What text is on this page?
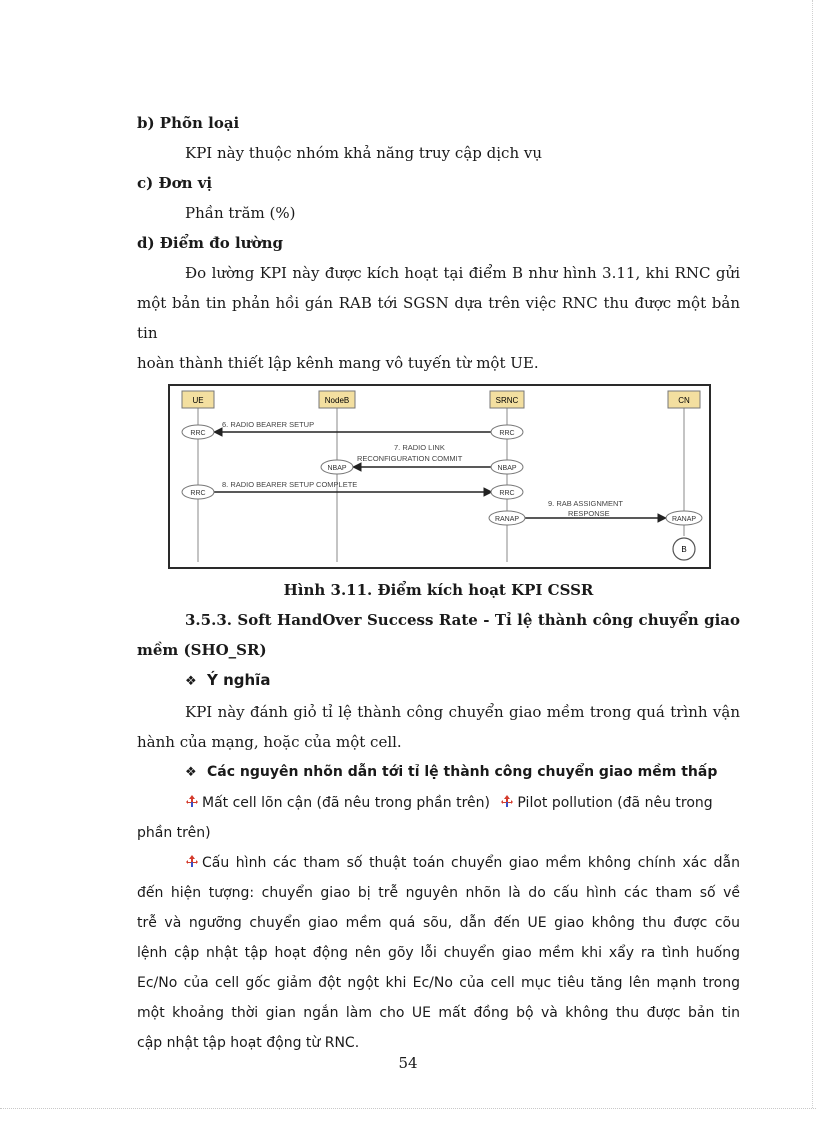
b) Phõn loại
KPI này thuộc nhóm khả năng truy cập dịch vụ
c) Đơn vị
Phần trăm (%)
d) Điểm đo lường
Đo lường KPI này được kích hoạt tại điểm B như hình 3.11, khi RNC gửi
một bản tin phản hồi gán RAB tới SGSN dựa trên việc RNC thu được một bản tin
hoàn thành thiết lập kênh mang vô tuyến từ một UE.
UE	NodeB	SRNC	CN
6. RADIO BEARER SETUP
7. RADIO LINK
RECONFIGURATION COMMIT
8. RADIO BEARER SETUP COMPLETE
9. RAB ASSIGNMENT
RESPONSE
RRC	RRC
NBAP	NBAP
RRC	RRC
RANAP	RANAP
B
Hình 3.11. Điểm kích hoạt KPI CSSR
3.5.3. Soft HandOver Success Rate - Tỉ lệ thành công chuyển giao
mềm (SHO_SR)
❖ Ý nghĩa
KPI này đánh giỏ tỉ lệ thành công chuyển giao mềm trong quá trình vận
hành của mạng, hoặc của một cell.
❖ Các nguyên nhõn dẫn tới tỉ lệ thành công chuyển giao mềm thấp
Mất cell lõn cận (đã nêu trong phần trên) Pilot pollution (đã nêu trong
phần trên)
Cấu hình các tham số thuật toán chuyển giao mềm không chính xác dẫn
đến hiện tượng: chuyển giao bị trễ nguyên nhõn là do cấu hình các tham số về
trễ và ngưỡng chuyển giao mềm quá sõu, dẫn đến UE giao không thu được cõu
lệnh cập nhật tập hoạt động nên gõy lỗi chuyển giao mềm khi xẩy ra tình huống
Ec/No của cell gốc giảm đột ngột khi Ec/No của cell mục tiêu tăng lên mạnh trong
một khoảng thời gian ngắn làm cho UE mất đồng bộ và không thu được bản tin
cập nhật tập hoạt động từ RNC.
54
